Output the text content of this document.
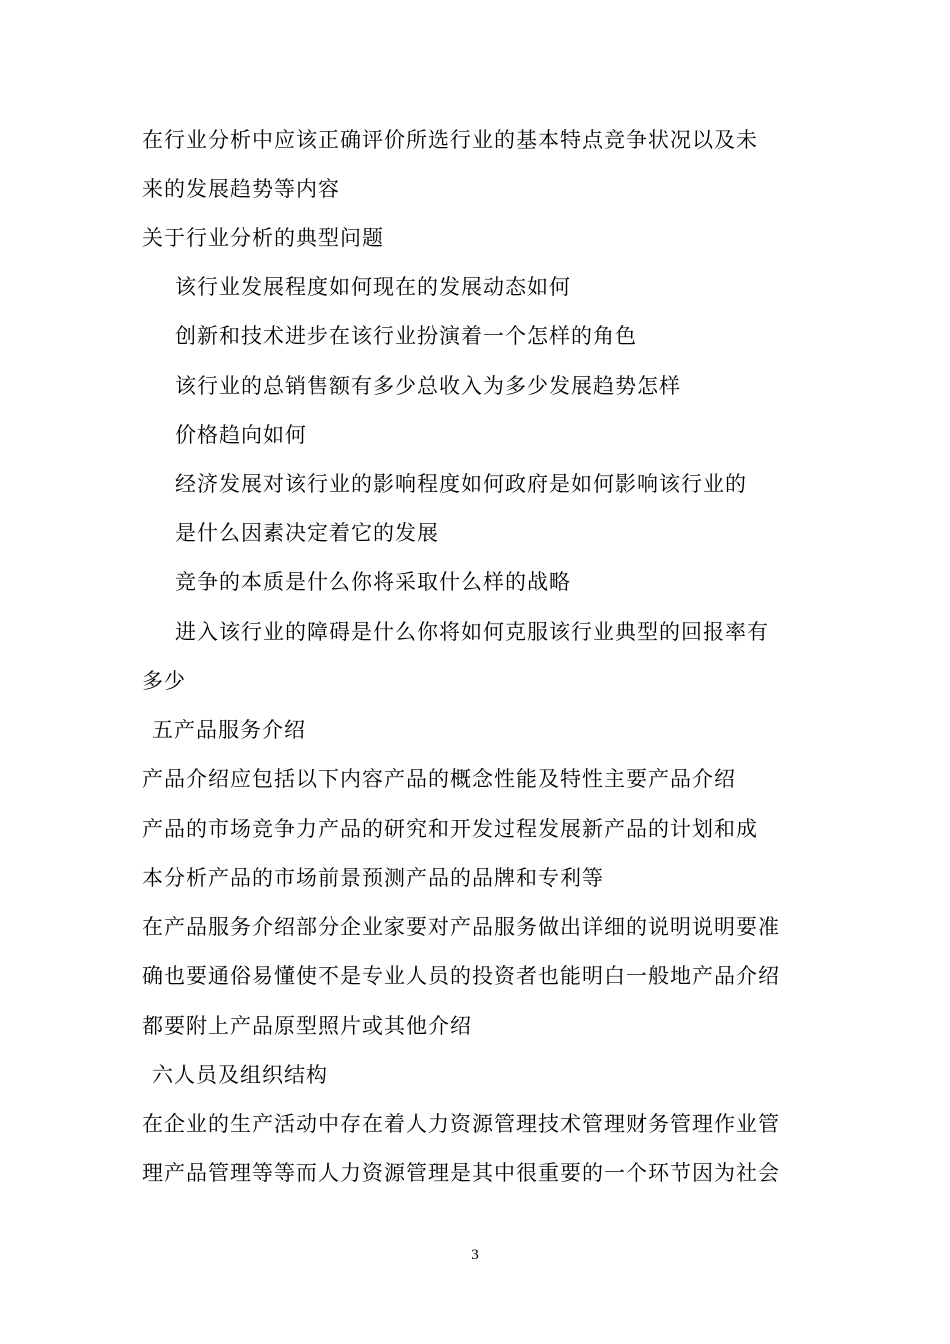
在行业分析中应该正确评价所选行业的基本特点竞争状况以及未
来的发展趋势等内容
关于行业分析的典型问题
该行业发展程度如何现在的发展动态如何
创新和技术进步在该行业扮演着一个怎样的角色
该行业的总销售额有多少总收入为多少发展趋势怎样
价格趋向如何
经济发展对该行业的影响程度如何政府是如何影响该行业的
是什么因素决定着它的发展
竞争的本质是什么你将采取什么样的战略
进入该行业的障碍是什么你将如何克服该行业典型的回报率有
多少
五产品服务介绍
产品介绍应包括以下内容产品的概念性能及特性主要产品介绍
产品的市场竞争力产品的研究和开发过程发展新产品的计划和成
本分析产品的市场前景预测产品的品牌和专利等
在产品服务介绍部分企业家要对产品服务做出详细的说明说明要准
确也要通俗易懂使不是专业人员的投资者也能明白一般地产品介绍
都要附上产品原型照片或其他介绍
六人员及组织结构
在企业的生产活动中存在着人力资源管理技术管理财务管理作业管
理产品管理等等而人力资源管理是其中很重要的一个环节因为社会
3
